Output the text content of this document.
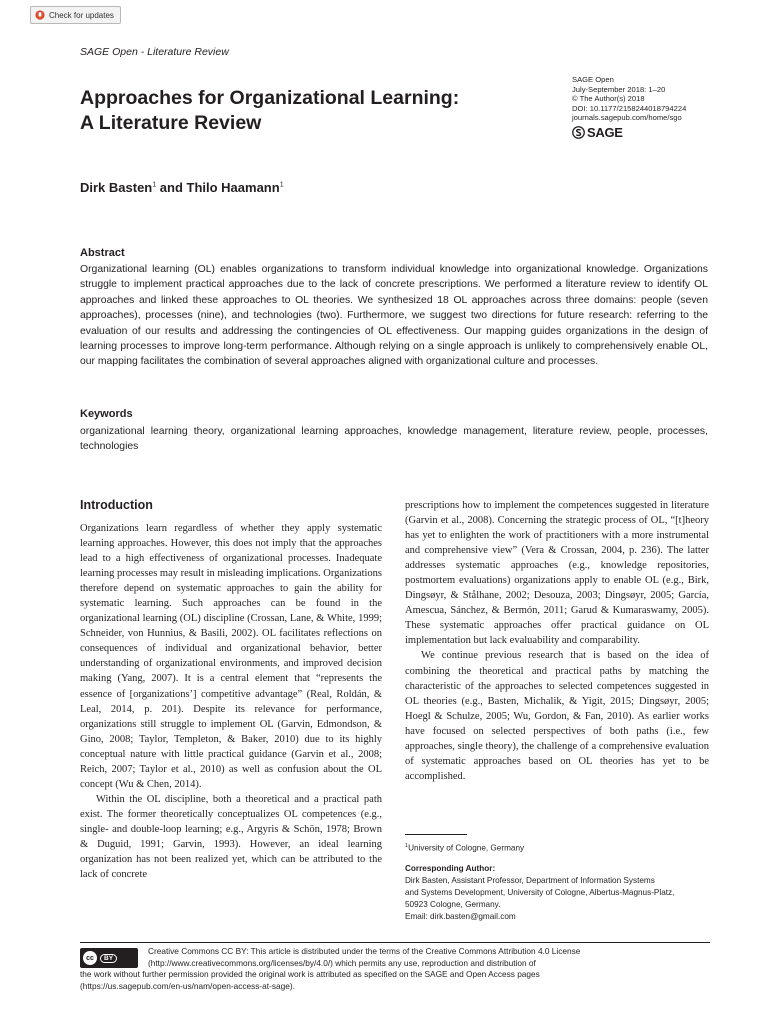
Check for updates
SAGE Open - Literature Review
SAGE Open
July-September 2018: 1–20
© The Author(s) 2018
DOI: 10.1177/2158244018794224
journals.sagepub.com/home/sgo
SAGE
Approaches for Organizational Learning:
A Literature Review
Dirk Basten$^1$ and Thilo Haamann$^1$
Abstract
Organizational learning (OL) enables organizations to transform individual knowledge into organizational knowledge. Organizations struggle to implement practical approaches due to the lack of concrete prescriptions. We performed a literature review to identify OL approaches and linked these approaches to OL theories. We synthesized 18 OL approaches across three domains: people (seven approaches), processes (nine), and technologies (two). Furthermore, we suggest two directions for future research: referring to the evaluation of our results and addressing the contingencies of OL effectiveness. Our mapping guides organizations in the design of learning processes to improve long-term performance. Although relying on a single approach is unlikely to comprehensively enable OL, our mapping facilitates the combination of several approaches aligned with organizational culture and processes.
Keywords
organizational learning theory, organizational learning approaches, knowledge management, literature review, people, processes, technologies
Introduction

Organizations learn regardless of whether they apply systematic learning approaches. However, this does not imply that the approaches lead to a high effectiveness of organizational processes. Inadequate learning processes may result in misleading implications. Organizations therefore depend on systematic approaches to gain the ability for systematic learning. Such approaches can be found in the organizational learning (OL) discipline (Crossan, Lane, & White, 1999; Schneider, von Hunnius, & Basili, 2002). OL facilitates reflections on consequences of individual and organizational behavior, better understanding of organizational environments, and improved decision making (Yang, 2007). It is a central element that “represents the essence of [organizations’] competitive advantage” (Real, Roldán, & Leal, 2014, p. 201). Despite its relevance for performance, organizations still struggle to implement OL (Garvin, Edmondson, & Gino, 2008; Taylor, Templeton, & Baker, 2010) due to its highly conceptual nature with little practical guidance (Garvin et al., 2008; Reich, 2007; Taylor et al., 2010) as well as confusion about the OL concept (Wu & Chen, 2014).

Within the OL discipline, both a theoretical and a practical path exist. The former theoretically conceptualizes OL competences (e.g., single- and double-loop learning; e.g., Argyris & Schön, 1978; Brown & Duguid, 1991; Garvin, 1993). However, an ideal learning organization has not been realized yet, which can be attributed to the lack of concrete

prescriptions how to implement the competences suggested in literature (Garvin et al., 2008). Concerning the strategic process of OL, “[t]heory has yet to enlighten the work of practitioners with a more instrumental and comprehensive view” (Vera & Crossan, 2004, p. 236). The latter addresses systematic approaches (e.g., knowledge repositories, postmortem evaluations) organizations apply to enable OL (e.g., Birk, Dingsøyr, & Stålhane, 2002; Desouza, 2003; Dingsøyr, 2005; García, Amescua, Sánchez, & Bermón, 2011; Garud & Kumaraswamy, 2005). These systematic approaches offer practical guidance on OL implementation but lack evaluability and comparability.

We continue previous research that is based on the idea of combining the theoretical and practical paths by matching the characteristic of the approaches to selected competences suggested in OL theories (e.g., Basten, Michalik, & Yigit, 2015; Dingsøyr, 2005; Hoegl & Schulze, 2005; Wu, Gordon, & Fan, 2010). As earlier works have focused on selected perspectives of both paths (i.e., few approaches, single theory), the challenge of a comprehensive evaluation of systematic approaches based on OL theories has yet to be accomplished.

$^1$University of Cologne, Germany
Corresponding Author:
Dirk Basten, Assistant Professor, Department of Information Systems
and Systems Development, University of Cologne, Albertus-Magnus-Platz,
50923 Cologne, Germany.
Email: dirk.basten@gmail.com
cc	BY
Creative Commons CC BY: This article is distributed under the terms of the Creative Commons Attribution 4.0 License
(http://www.creativecommons.org/licenses/by/4.0/) which permits any use, reproduction and distribution of
the work without further permission provided the original work is attributed as specified on the SAGE and Open Access pages
(https://us.sagepub.com/en-us/nam/open-access-at-sage).
